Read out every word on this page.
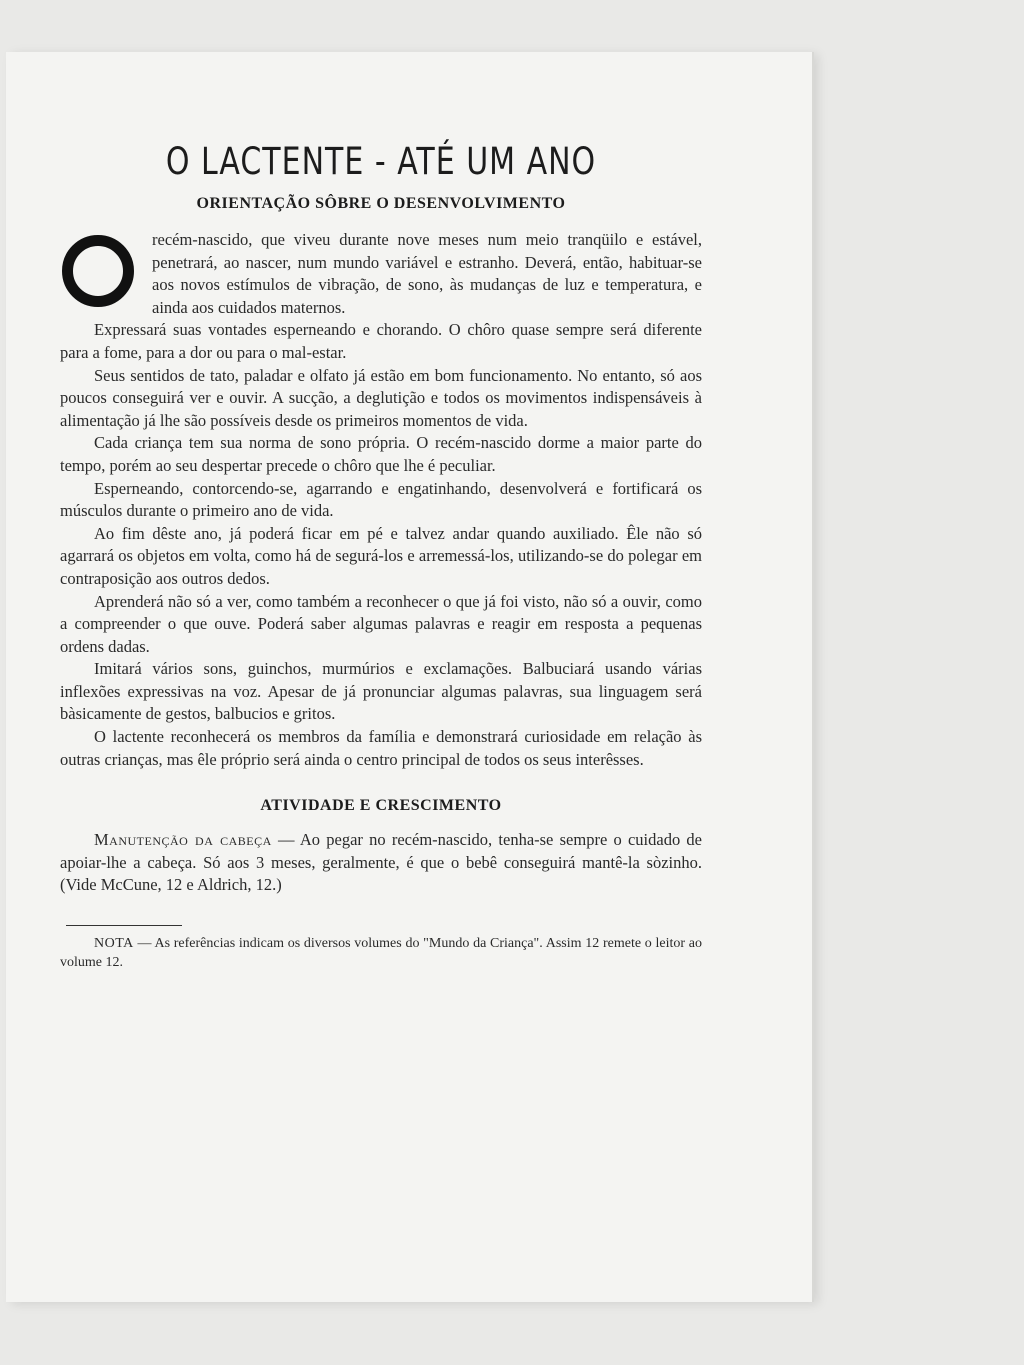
O LACTENTE - ATÉ UM ANO
ORIENTAÇÃO SÔBRE O DESENVOLVIMENTO

recém-nascido, que viveu durante nove meses num meio tranqüilo e estável, penetrará, ao nascer, num mundo variável e estranho. Deverá, então, habituar-se aos novos estímulos de vibração, de sono, às mudanças de luz e temperatura, e ainda aos cuidados maternos.

Expressará suas vontades esperneando e chorando. O chôro quase sempre será diferente para a fome, para a dor ou para o mal-estar.

Seus sentidos de tato, paladar e olfato já estão em bom funcionamento. No entanto, só aos poucos conseguirá ver e ouvir. A sucção, a deglutição e todos os movimentos indispensáveis à alimentação já lhe são possíveis desde os primeiros momentos de vida.

Cada criança tem sua norma de sono própria. O recém-nascido dorme a maior parte do tempo, porém ao seu despertar precede o chôro que lhe é peculiar.

Esperneando, contorcendo-se, agarrando e engatinhando, desenvolverá e fortificará os músculos durante o primeiro ano de vida.

Ao fim dêste ano, já poderá ficar em pé e talvez andar quando auxiliado. Êle não só agarrará os objetos em volta, como há de segurá-los e arremessá-los, utilizando-se do polegar em contraposição aos outros dedos.

Aprenderá não só a ver, como também a reconhecer o que já foi visto, não só a ouvir, como a compreender o que ouve. Poderá saber algumas palavras e reagir em resposta a pequenas ordens dadas.

Imitará vários sons, guinchos, murmúrios e exclamações. Balbuciará usando várias inflexões expressivas na voz. Apesar de já pronunciar algumas palavras, sua linguagem será bàsicamente de gestos, balbucios e gritos.

O lactente reconhecerá os membros da família e demonstrará curiosidade em relação às outras crianças, mas êle próprio será ainda o centro principal de todos os seus interêsses.

ATIVIDADE E CRESCIMENTO

Manutenção da cabeça — Ao pegar no recém-nascido, tenha-se sempre o cuidado de apoiar-lhe a cabeça. Só aos 3 meses, geralmente, é que o bebê conseguirá mantê-la sòzinho. (Vide McCune, 12 e Aldrich, 12.)

NOTA — As referências indicam os diversos volumes do "Mundo da Criança". Assim 12 remete o leitor ao volume 12.
